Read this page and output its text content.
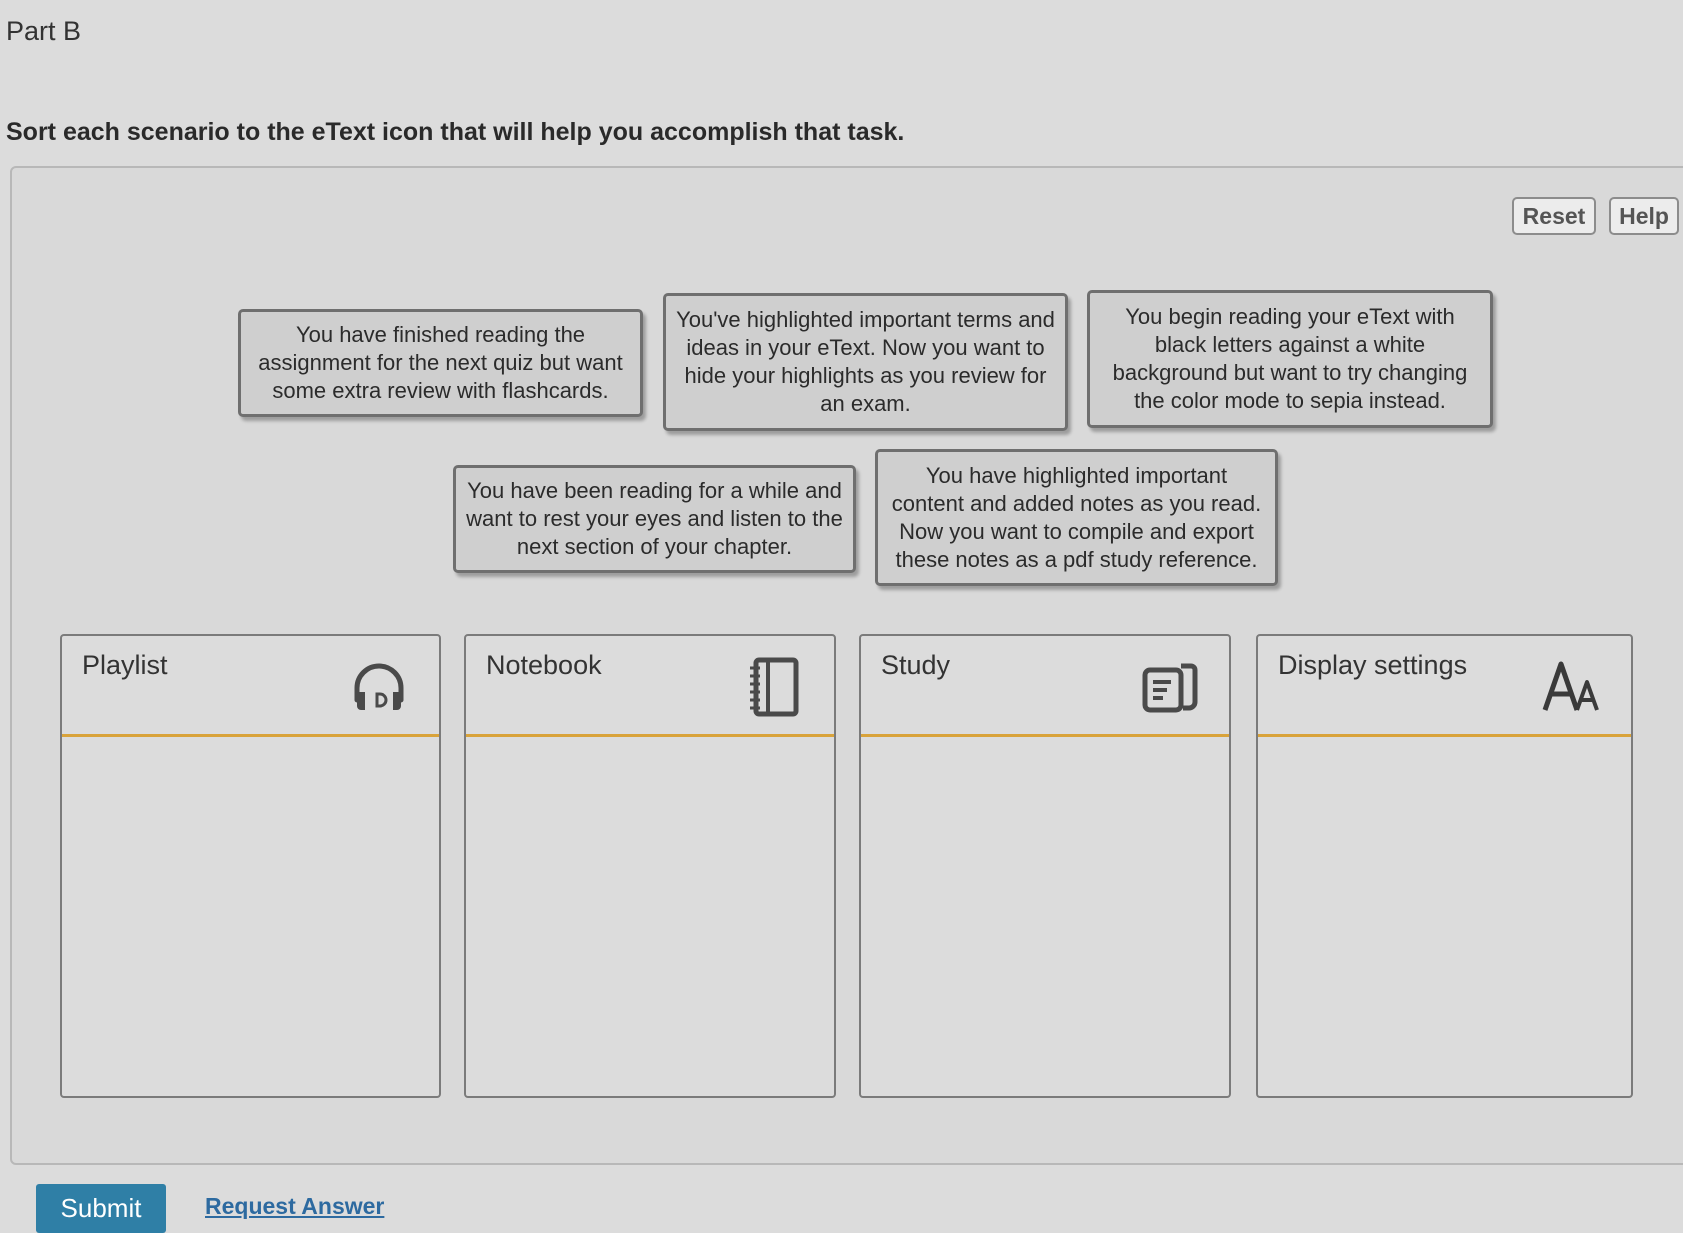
Part B
Sort each scenario to the eText icon that will help you accomplish that task.
Reset	Help
You have finished reading the assignment for the next quiz but want some extra review with flashcards.
You've highlighted important terms and ideas in your eText. Now you want to hide your highlights as you review for an exam.
You begin reading your eText with black letters against a white background but want to try changing the color mode to sepia instead.
You have been reading for a while and want to rest your eyes and listen to the next section of your chapter.
You have highlighted important content and added notes as you read. Now you want to compile and export these notes as a pdf study reference.
Playlist	Notebook	Study	Display settings
Submit	Request Answer
